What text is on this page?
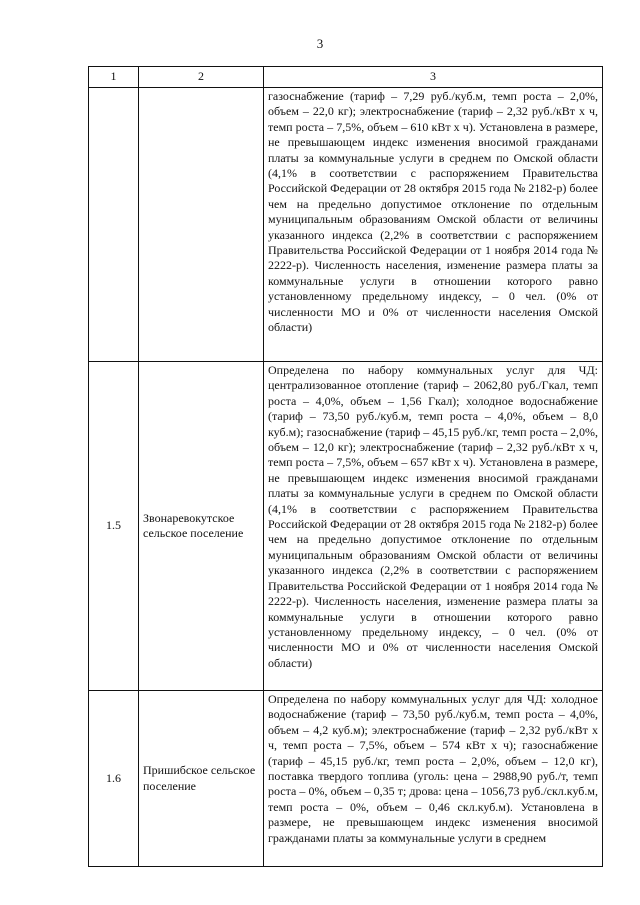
3
1	2	3
		газоснабжение (тариф – 7,29 руб./куб.м, темп роста – 2,0%, объем – 22,0 кг); электроснабжение (тариф – 2,32 руб./кВт х ч, темп роста – 7,5%, объем – 610 кВт х ч). Установлена в размере, не превышающем индекс изменения вносимой гражданами платы за коммунальные услуги в среднем по Омской области (4,1% в соответствии с распоряжением Правительства Российской Федерации от 28 октября 2015 года № 2182-р) более чем на предельно допустимое отклонение по отдельным муниципальным образованиям Омской области от величины указанного индекса (2,2% в соответствии с распоряжением Правительства Российской Федерации от 1 ноября 2014 года № 2222-р). Численность населения, изменение размера платы за коммунальные услуги в отношении которого равно установленному предельному индексу, – 0 чел. (0% от численности МО и 0% от численности населения Омской области)
1.5	Звонаревокутское сельское поселение	Определена по набору коммунальных услуг для ЧД: централизованное отопление (тариф – 2062,80 руб./Гкал, темп роста – 4,0%, объем – 1,56 Гкал); холодное водоснабжение (тариф – 73,50 руб./куб.м, темп роста – 4,0%, объем – 8,0 куб.м); газоснабжение (тариф – 45,15 руб./кг, темп роста – 2,0%, объем – 12,0 кг); электроснабжение (тариф – 2,32 руб./кВт х ч, темп роста – 7,5%, объем – 657 кВт х ч). Установлена в размере, не превышающем индекс изменения вносимой гражданами платы за коммунальные услуги в среднем по Омской области (4,1% в соответствии с распоряжением Правительства Российской Федерации от 28 октября 2015 года № 2182-р) более чем на предельно допустимое отклонение по отдельным муниципальным образованиям Омской области от величины указанного индекса (2,2% в соответствии с распоряжением Правительства Российской Федерации от 1 ноября 2014 года № 2222-р). Численность населения, изменение размера платы за коммунальные услуги в отношении которого равно установленному предельному индексу, – 0 чел. (0% от численности МО и 0% от численности населения Омской области)
1.6	Пришибское сельское поселение	Определена по набору коммунальных услуг для ЧД: холодное водоснабжение (тариф – 73,50 руб./куб.м, темп роста – 4,0%, объем – 4,2 куб.м); электроснабжение (тариф – 2,32 руб./кВт х ч, темп роста – 7,5%, объем – 574 кВт х ч); газоснабжение (тариф – 45,15 руб./кг, темп роста – 2,0%, объем – 12,0 кг), поставка твердого топлива (уголь: цена – 2988,90 руб./т, темп роста – 0%, объем – 0,35 т; дрова: цена – 1056,73 руб./скл.куб.м, темп роста – 0%, объем – 0,46 скл.куб.м). Установлена в размере, не превышающем индекс изменения вносимой гражданами платы за коммунальные услуги в среднем
